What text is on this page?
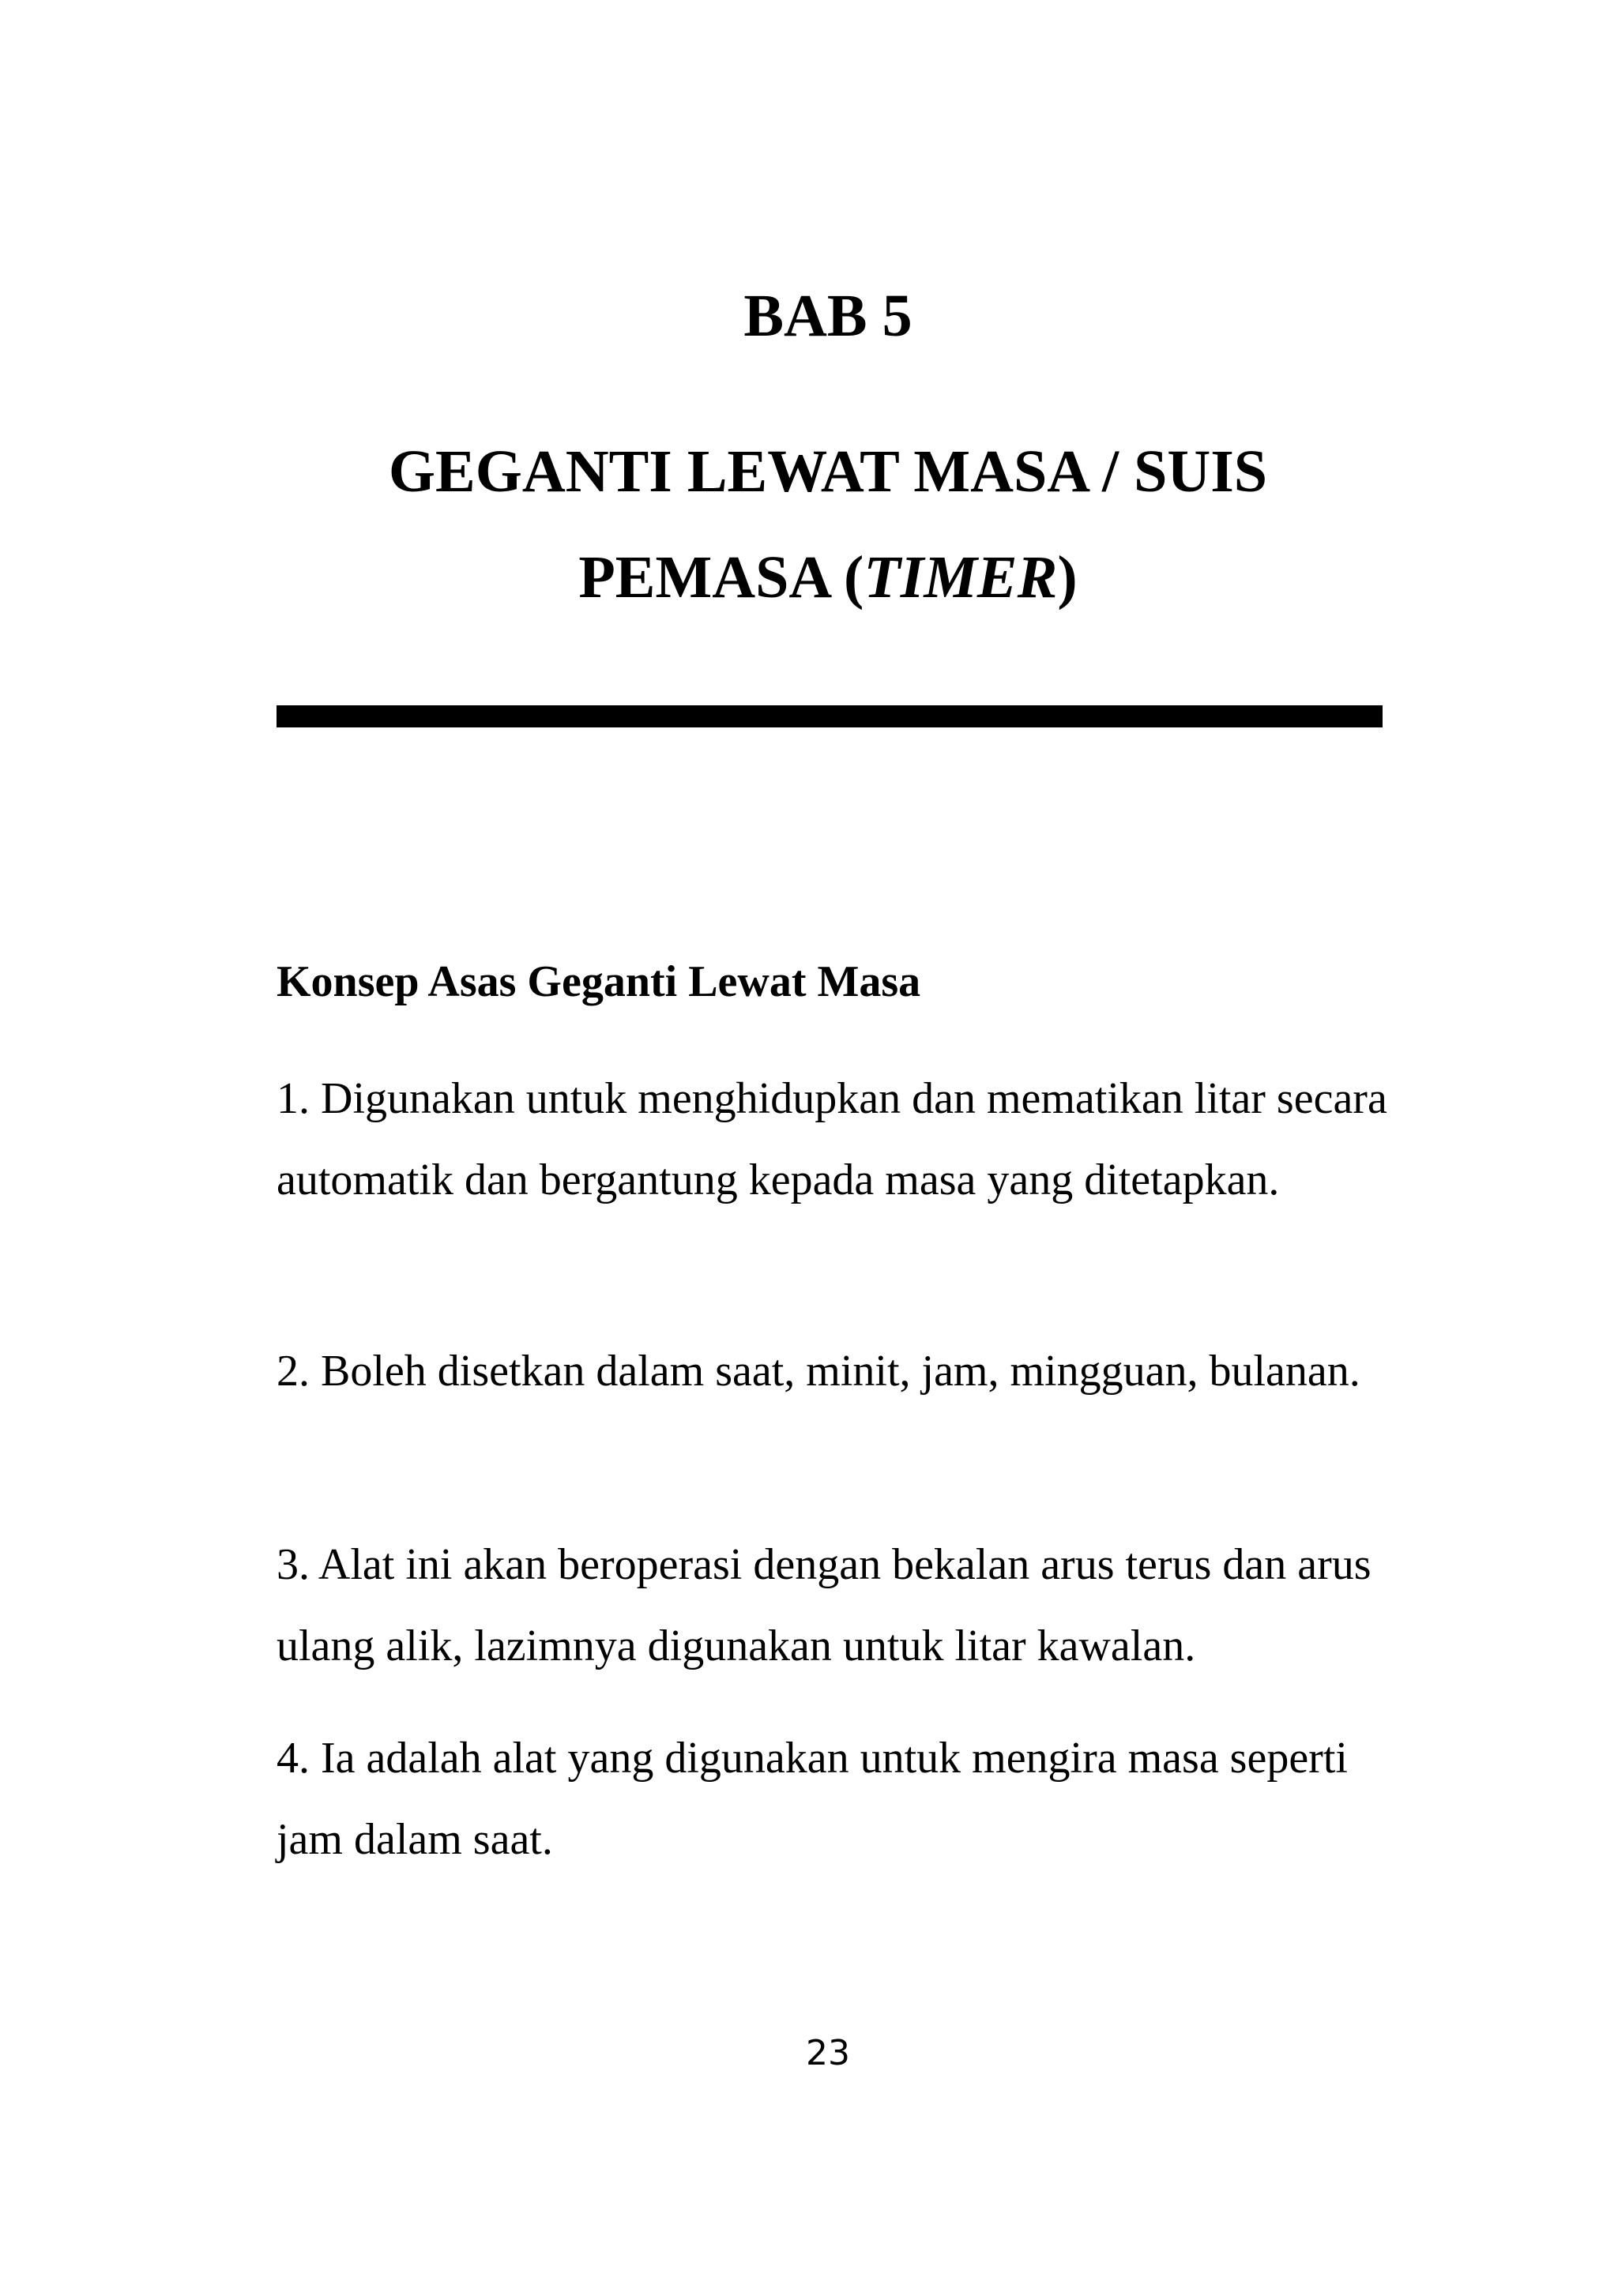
BAB 5
GEGANTI LEWAT MASA / SUIS
PEMASA (TIMER)
Konsep Asas Geganti Lewat Masa

1. Digunakan untuk menghidupkan dan mematikan litar secara automatik dan bergantung kepada masa yang ditetapkan.

2. Boleh disetkan dalam saat, minit, jam, mingguan, bulanan.

3. Alat ini akan beroperasi dengan bekalan arus terus dan arus ulang alik, lazimnya digunakan untuk litar kawalan.

4. Ia adalah alat yang digunakan untuk mengira masa seperti jam dalam saat.

23
